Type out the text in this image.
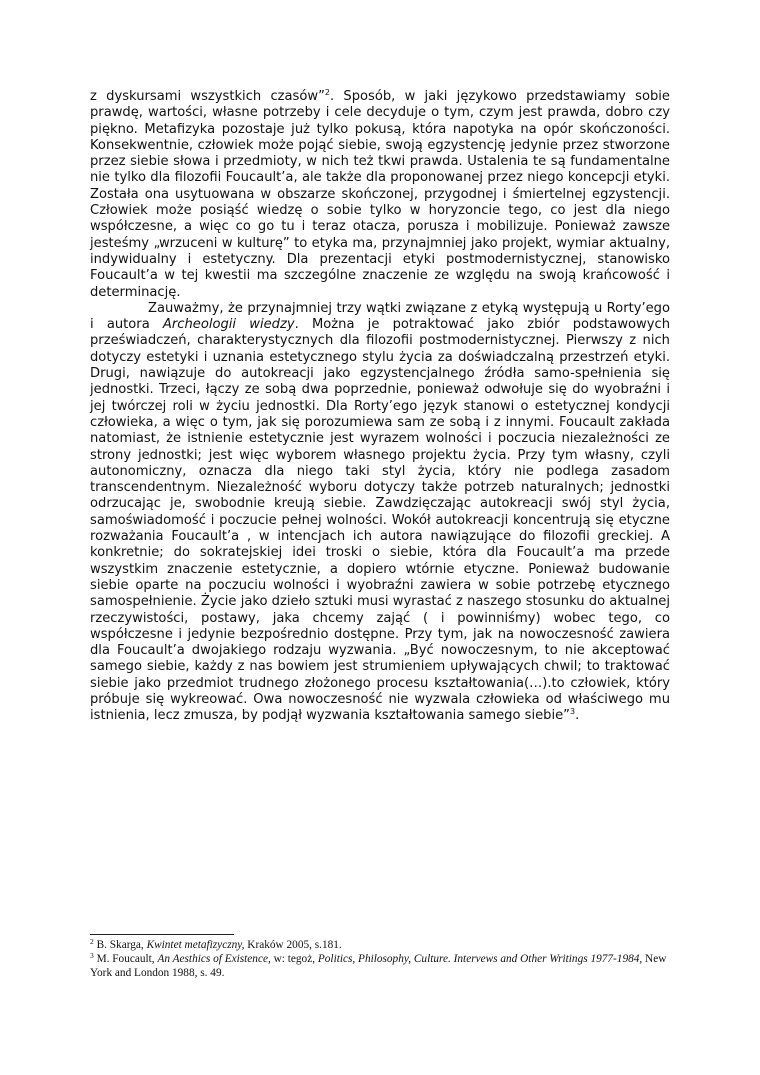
z dyskursami wszystkich czasów”$^2$. Sposób, w jaki językowo przedstawiamy sobie prawdę, wartości, własne potrzeby i cele decyduje o tym, czym jest prawda, dobro czy piękno. Metafizyka pozostaje już tylko pokusą, która napotyka na opór skończoności. Konsekwentnie, człowiek może pojąć siebie, swoją egzystencję jedynie przez stworzone przez siebie słowa i przedmioty, w nich też tkwi prawda. Ustalenia te są fundamentalne nie tylko dla filozofii Foucault’a, ale także dla proponowanej przez niego koncepcji etyki. Została ona usytuowana w obszarze skończonej, przygodnej i śmiertelnej egzystencji. Człowiek może posiąść wiedzę o sobie tylko w horyzoncie tego, co jest dla niego współczesne, a więc co go tu i teraz otacza, porusza i mobilizuje. Ponieważ zawsze jesteśmy „wrzuceni w kulturę” to etyka ma, przynajmniej jako projekt, wymiar aktualny, indywidualny i estetyczny. Dla prezentacji etyki postmodernistycznej, stanowisko Foucault’a w tej kwestii ma szczególne znaczenie ze względu na swoją krańcowość i determinację.

Zauważmy, że przynajmniej trzy wątki związane z etyką występują u Rorty’ego i autora Archeologii wiedzy. Można je potraktować jako zbiór podstawowych przeświadczeń, charakterystycznych dla filozofii postmodernistycznej. Pierwszy z nich dotyczy estetyki i uznania estetycznego stylu życia za doświadczalną przestrzeń etyki. Drugi, nawiązuje do autokreacji jako egzystencjalnego źródła samo-spełnienia się jednostki. Trzeci, łączy ze sobą dwa poprzednie, ponieważ odwołuje się do wyobraźni i jej twórczej roli w życiu jednostki. Dla Rorty’ego język stanowi o estetycznej kondycji człowieka, a więc o tym, jak się porozumiewa sam ze sobą i z innymi. Foucault zakłada natomiast, że istnienie estetycznie jest wyrazem wolności i poczucia niezależności ze strony jednostki; jest więc wyborem własnego projektu życia. Przy tym własny, czyli autonomiczny, oznacza dla niego taki styl życia, który nie podlega zasadom transcendentnym. Niezależność wyboru dotyczy także potrzeb naturalnych; jednostki odrzucając je, swobodnie kreują siebie. Zawdzięczając autokreacji swój styl życia, samoświadomość i poczucie pełnej wolności. Wokół autokreacji koncentrują się etyczne rozważania Foucault’a , w intencjach ich autora nawiązujące do filozofii greckiej. A konkretnie; do sokratejskiej idei troski o siebie, która dla Foucault’a ma przede wszystkim znaczenie estetycznie, a dopiero wtórnie etyczne. Ponieważ budowanie siebie oparte na poczuciu wolności i wyobraźni zawiera w sobie potrzebę etycznego samospełnienie. Życie jako dzieło sztuki musi wyrastać z naszego stosunku do aktualnej rzeczywistości, postawy, jaka chcemy zająć ( i powinniśmy) wobec tego, co współczesne i jedynie bezpośrednio dostępne. Przy tym, jak na nowoczesność zawiera dla Foucault’a dwojakiego rodzaju wyzwania. „Być nowoczesnym, to nie akceptować samego siebie, każdy z nas bowiem jest strumieniem upływających chwil; to traktować siebie jako przedmiot trudnego złożonego procesu kształtowania(…).to człowiek, który próbuje się wykreować. Owa nowoczesność nie wyzwala człowieka od właściwego mu istnienia, lecz zmusza, by podjął wyzwania kształtowania samego siebie”$^3$.

$^2$ B. Skarga, Kwintet metafizyczny, Kraków 2005, s.181.

$^3$ M. Foucault, An Aesthics of Existence, w: tegoż, Politics, Philosophy, Culture. Intervews and Other Writings 1977-1984, New York and London 1988, s. 49.
